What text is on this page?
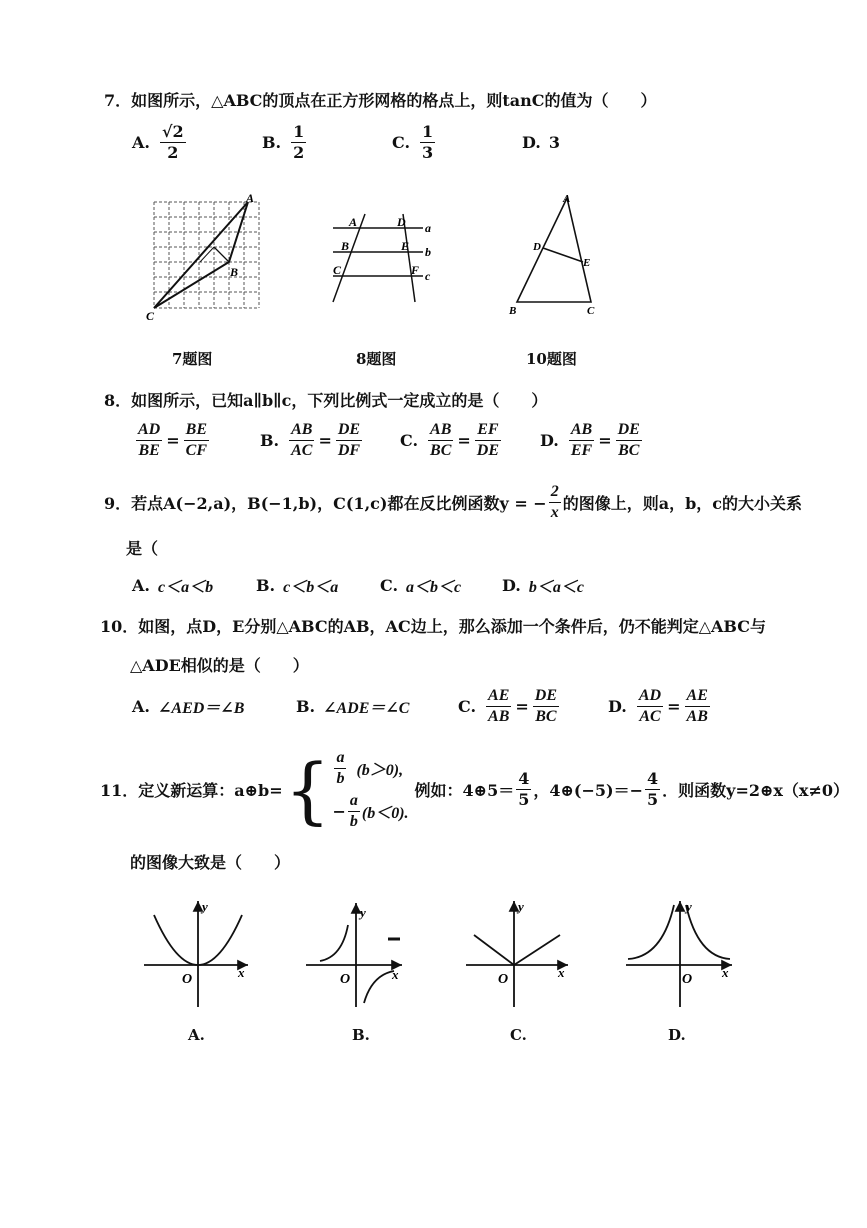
7．如图所示，△ABC的顶点在正方形网格的格点上，则tanC的值为（　　）
A. $\frac{√2}{2}$	B. $\frac{1}{2}$	C. $\frac{1}{3}$	D. 3
A
B
C
7题图
A
B
C
D
E
F
a
b
c
8题图
A
B	C
D
E
10题图
8．如图所示，已知a∥b∥c，下列比例式一定成立的是（　　）
$\frac{AD}{BE} = \frac{BE}{CF}$	B. $\frac{AB}{AC} = \frac{DE}{DF} C$. $\frac{AB}{BC} = \frac{EF}{DE} D$. $\frac{AB}{EF} = \frac{DE}{BC}$
9．若点A(−2,a)，B(−1,b)，C(1,c)都在反比例函数y = − $\frac{2}{x}$ 的图像上，则a，b，c的大小关系
是（
A. c＜a＜b	B. c＜b＜a	C. a＜b＜c	D. b＜a＜c
10．如图，点D，E分别△ABC的AB，AC边上，那么添加一个条件后，仍不能判定△ABC与
△ADE相似的是（　　）
A. ∠AED＝∠B	B. ∠ADE＝∠C	C. $\frac{AE}{AB} = \frac{DE}{BC}$	D. $\frac{AD}{AC} = \frac{AE}{AB}$
11．定义新运算：a⊕b= { $\frac{a}{b} (b>0)$,
− $\frac{a}{b} (b<0)$.
例如：4⊕5＝ $\frac{4}{5}$ ，4⊕(−5)＝− $\frac{4}{5}$ ．则函数y=2⊕x（x≠0）
的图像大致是（　　）
y
x
O
A.
y
x
O
B.
y
x
O
C.
y
x
O
D.
